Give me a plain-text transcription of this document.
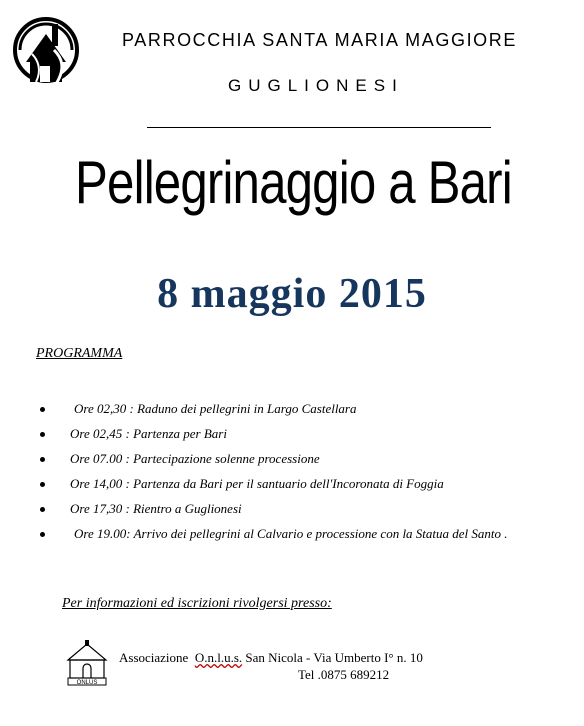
PARROCCHIA SANTA MARIA MAGGIORE
GUGLIONESI
Pellegrinaggio a Bari
8 maggio 2015
PROGRAMMA
Ore 02,30 : Raduno dei pellegrini in Largo Castellara
Ore 02,45 : Partenza per Bari
Ore 07.00 : Partecipazione solenne processione
Ore 14,00 : Partenza da Bari per il santuario dell'Incoronata di Foggia
Ore 17,30 : Rientro a Guglionesi
Ore 19.00: Arrivo dei pellegrini al Calvario e processione con la Statua del Santo .
Per informazioni ed iscrizioni rivolgersi presso:
ONLUS
Associazione O.n.l.u.s. San Nicola - Via Umberto I° n. 10
Tel .0875 689212
